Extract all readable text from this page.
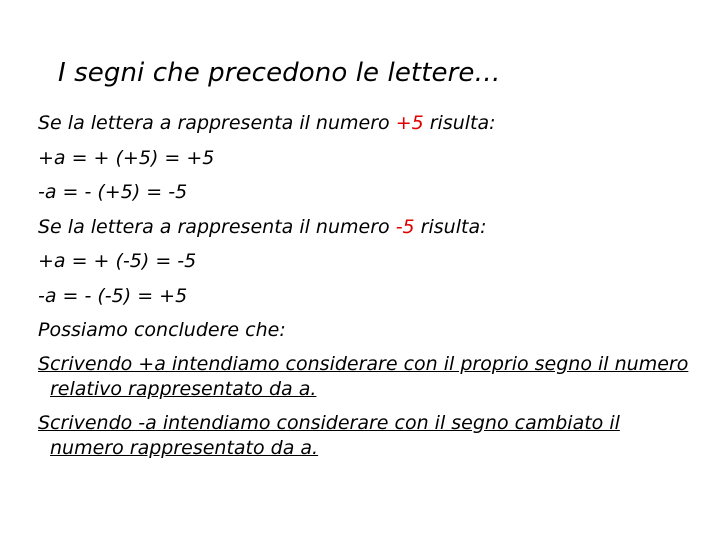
I segni che precedono le lettere…
Se la lettera a rappresenta il numero +5 risulta:
+a = + (+5) = +5
-a = - (+5) = -5
Se la lettera a rappresenta il numero -5 risulta:
+a = + (-5) = -5
-a = - (-5) = +5
Possiamo concludere che:
Scrivendo +a intendiamo considerare con il proprio segno il numero relativo rappresentato da a.
Scrivendo -a intendiamo considerare con il segno cambiato il numero rappresentato da a.
